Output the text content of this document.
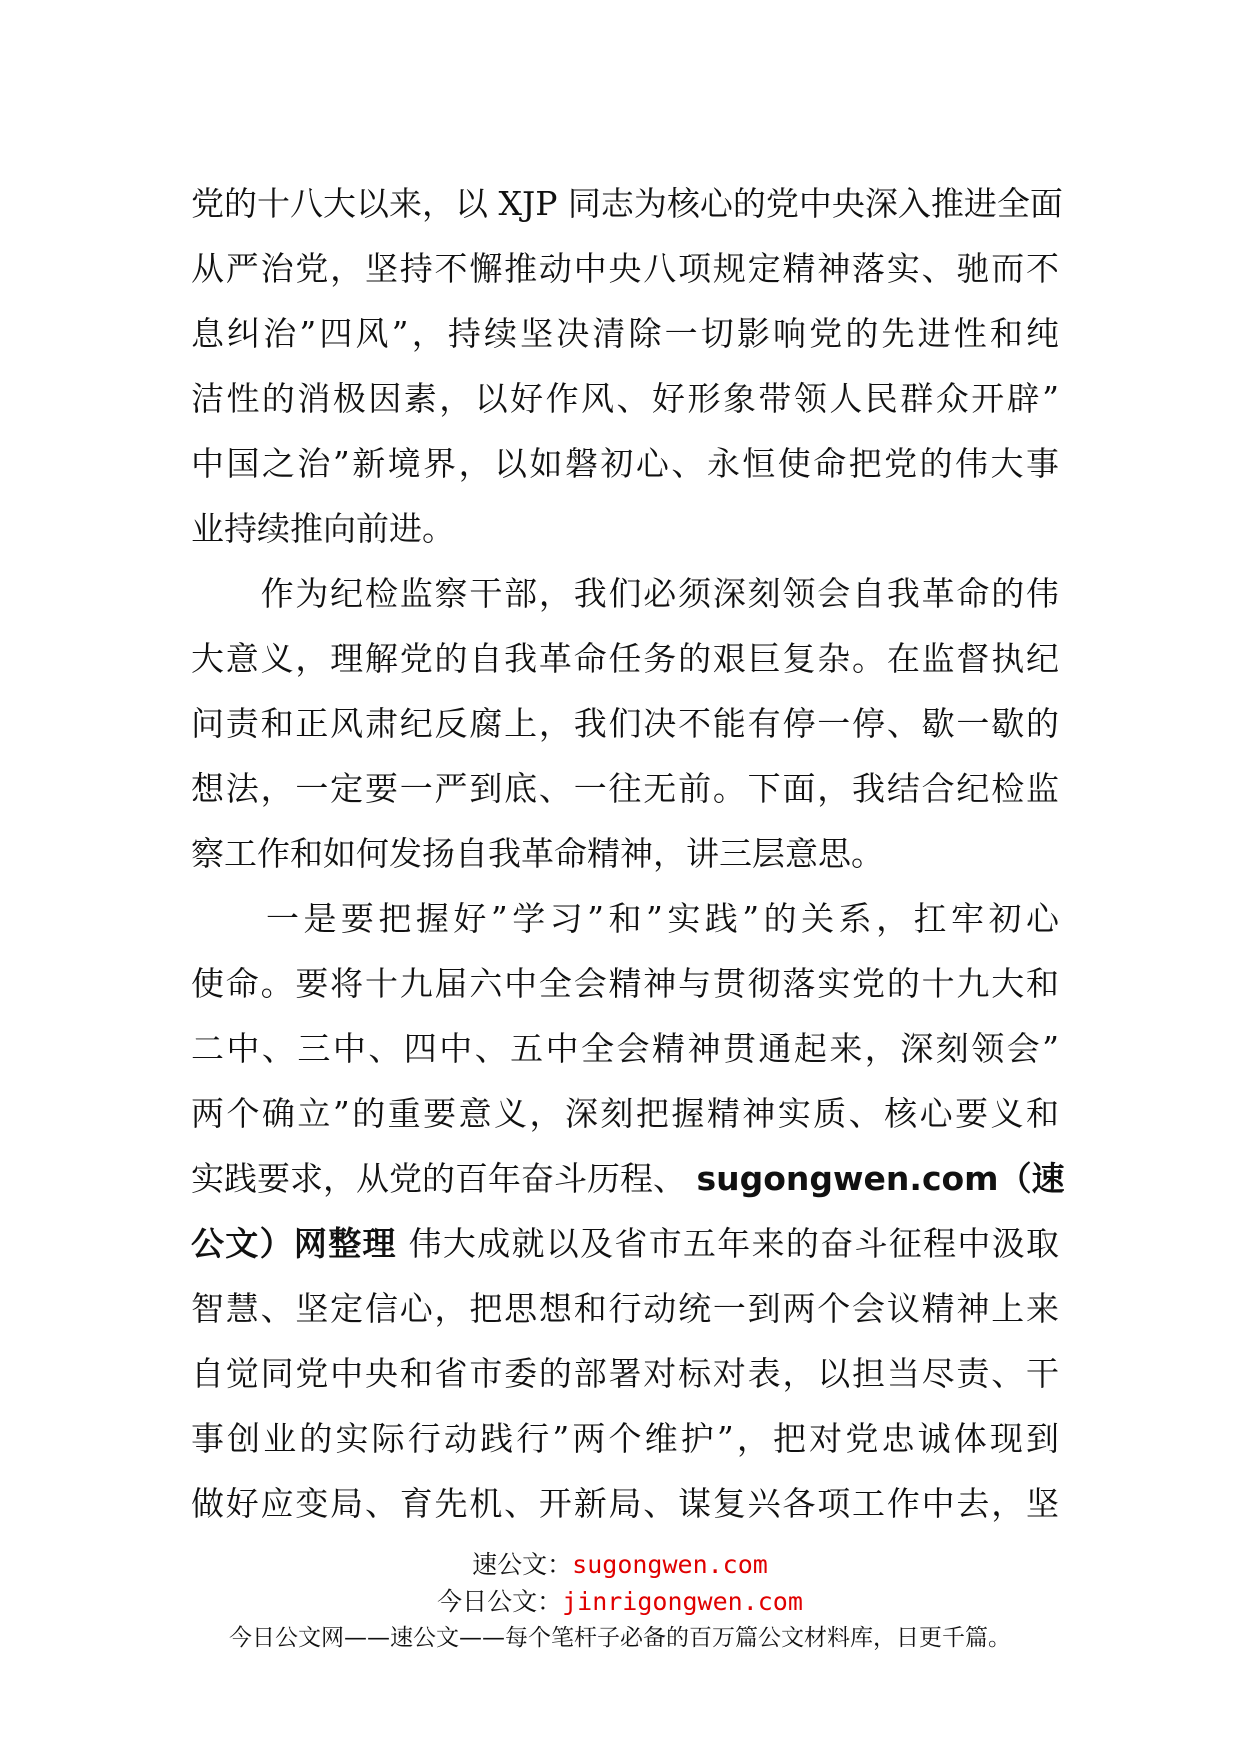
党的十八大以来，以 XJP 同志为核心的党中央深入推进全面
从严治党，坚持不懈推动中央八项规定精神落实、驰而不
息纠治”四风”，持续坚决清除一切影响党的先进性和纯
洁性的消极因素，以好作风、好形象带领人民群众开辟”
中国之治”新境界，以如磐初心、永恒使命把党的伟大事
业持续推向前进。
　　作为纪检监察干部，我们必须深刻领会自我革命的伟
大意义，理解党的自我革命任务的艰巨复杂。在监督执纪
问责和正风肃纪反腐上，我们决不能有停一停、歇一歇的
想法，一定要一严到底、一往无前。下面，我结合纪检监
察工作和如何发扬自我革命精神，讲三层意思。
　　一是要把握好”学习”和”实践”的关系，扛牢初心
使命。要将十九届六中全会精神与贯彻落实党的十九大和
二中、三中、四中、五中全会精神贯通起来，深刻领会”
两个确立”的重要意义，深刻把握精神实质、核心要义和
实践要求，从党的百年奋斗历程、 sugongwen.com（速
公文）网整理 伟大成就以及省市五年来的奋斗征程中汲取
智慧、坚定信心，把思想和行动统一到两个会议精神上来
自觉同党中央和省市委的部署对标对表，以担当尽责、干
事创业的实际行动践行”两个维护”，把对党忠诚体现到
做好应变局、育先机、开新局、谋复兴各项工作中去，坚
速公文：sugongwen.com
今日公文：jinrigongwen.com
今日公文网——速公文——每个笔杆子必备的百万篇公文材料库，日更千篇。
